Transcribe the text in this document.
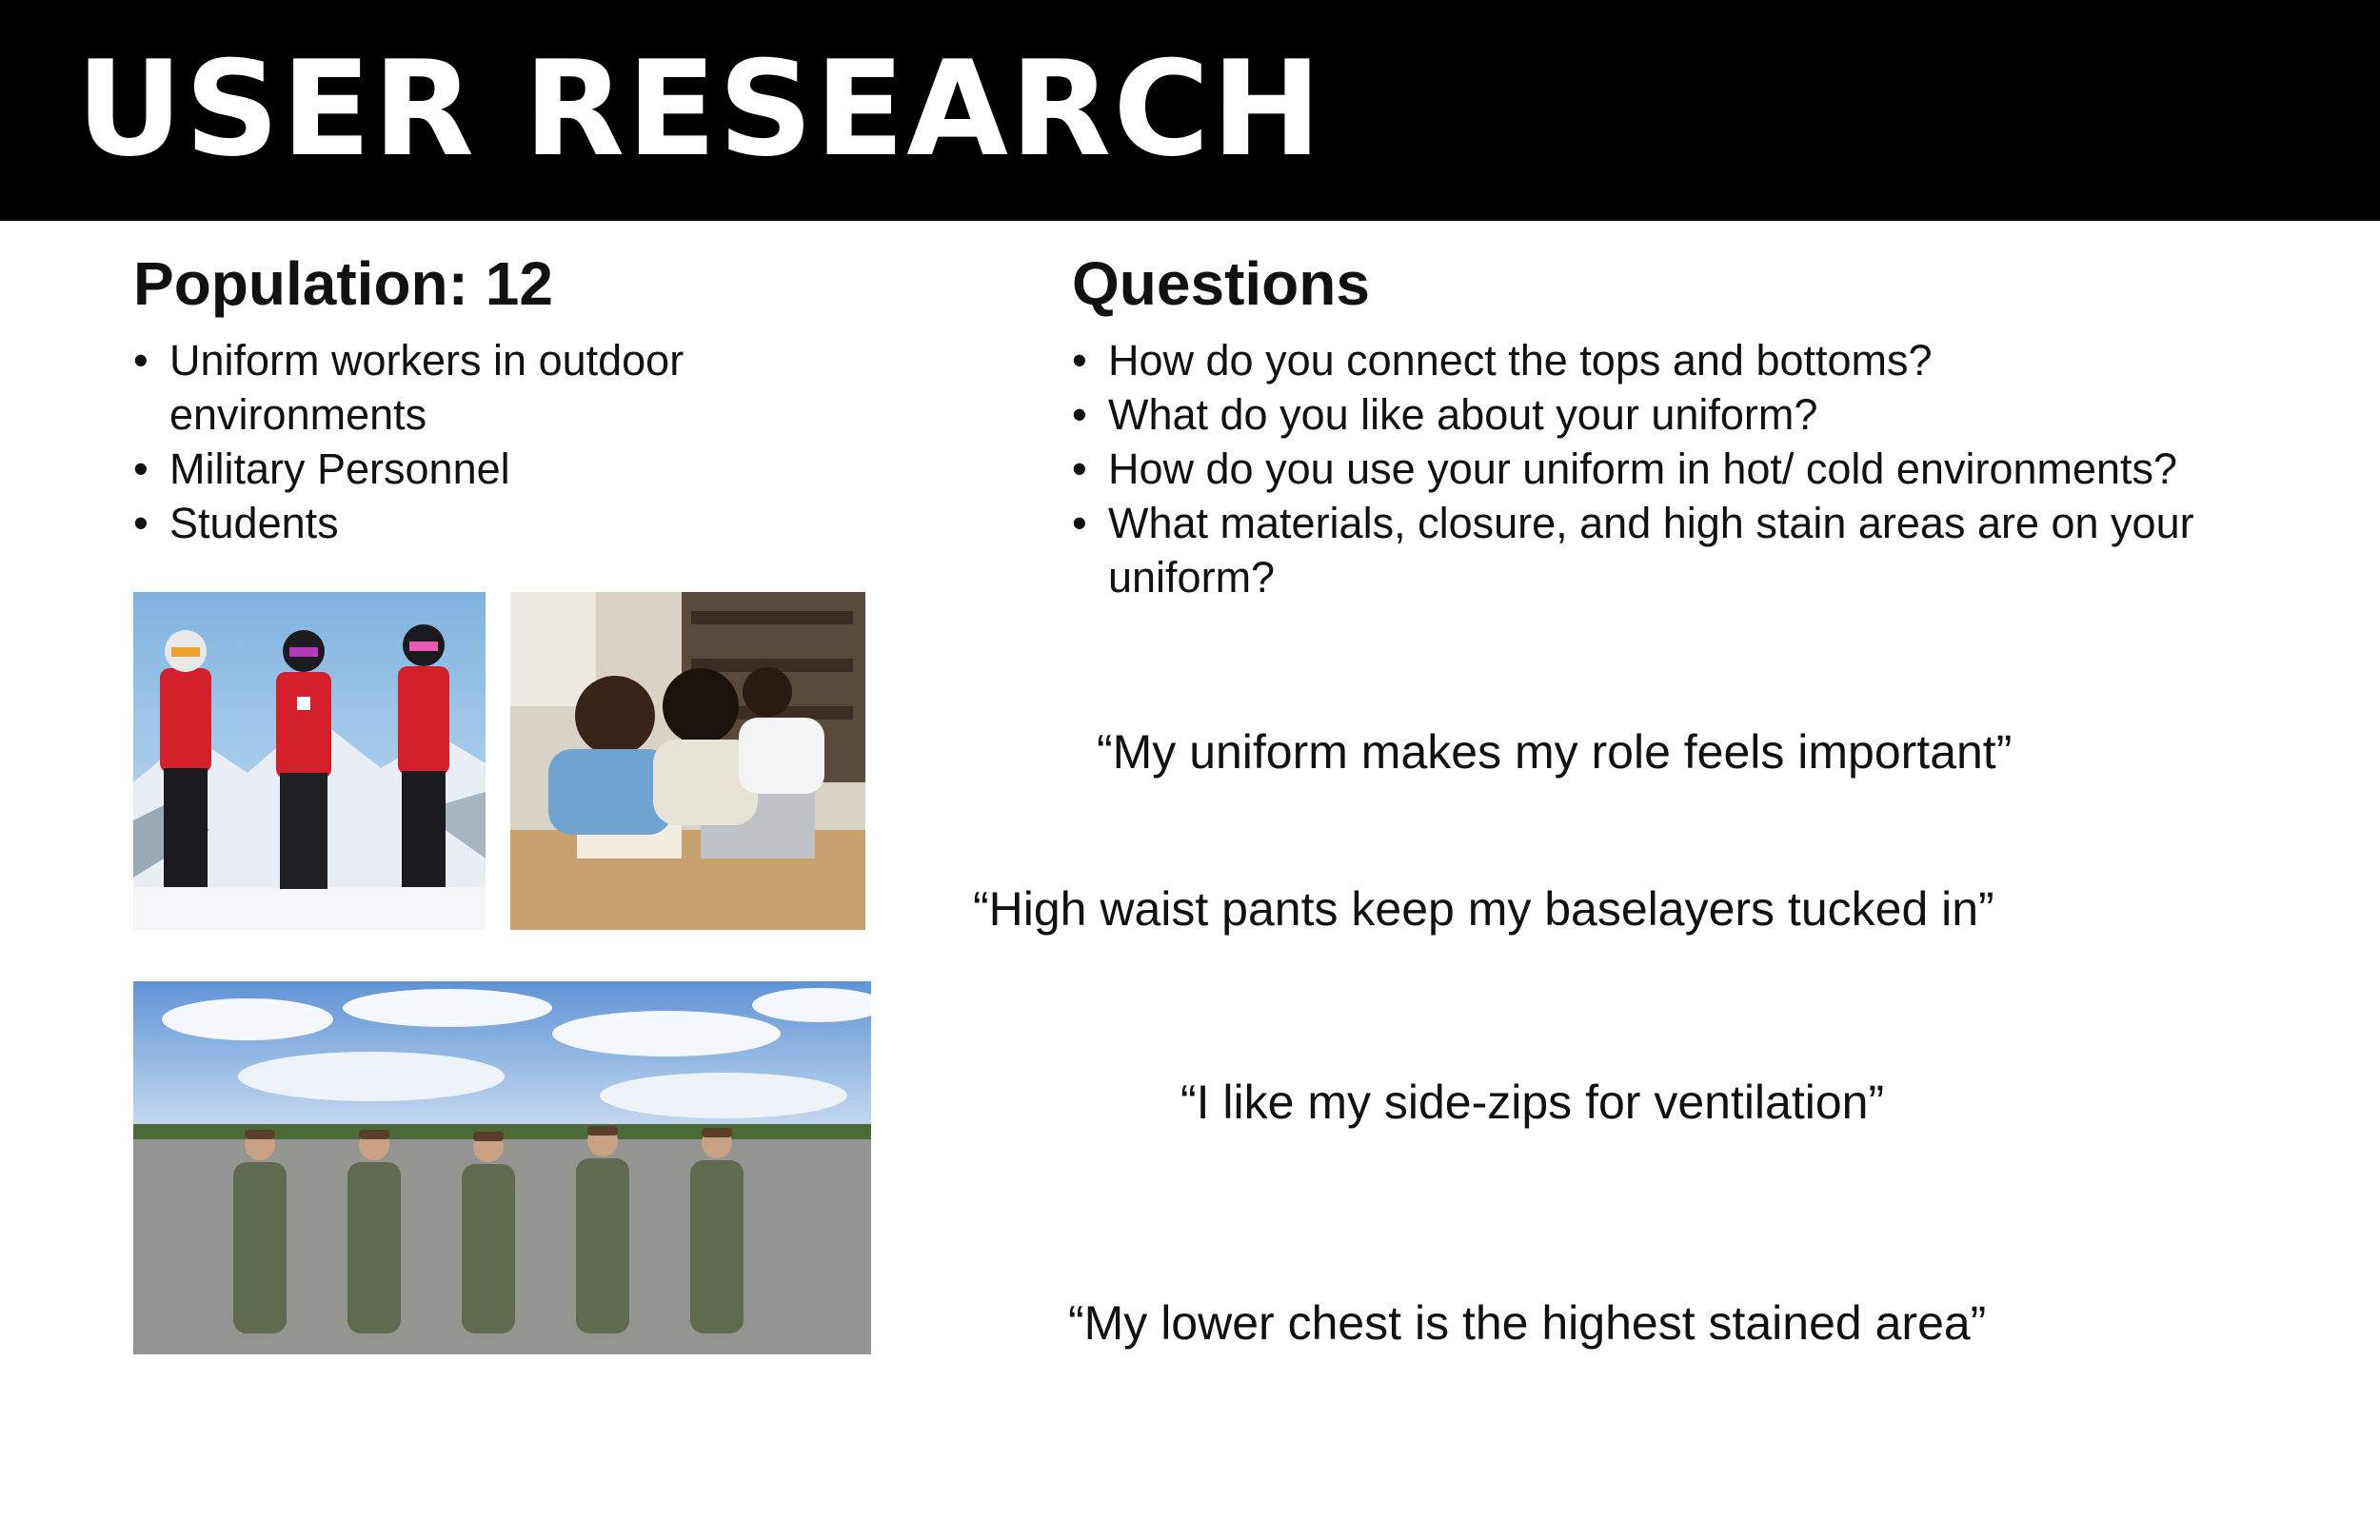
USER RESEARCH
Population: 12
• Uniform workers in outdoor environments
• Military Personnel
• Students
Questions
• How do you connect the tops and bottoms?
• What do you like about your uniform?
• How do you use your uniform in hot/ cold environments?
• What materials, closure, and high stain areas are on your uniform?

“My uniform makes my role feels important”

“High waist pants keep my baselayers tucked in”

“I like my side-zips for ventilation”

“My lower chest is the highest stained area”
